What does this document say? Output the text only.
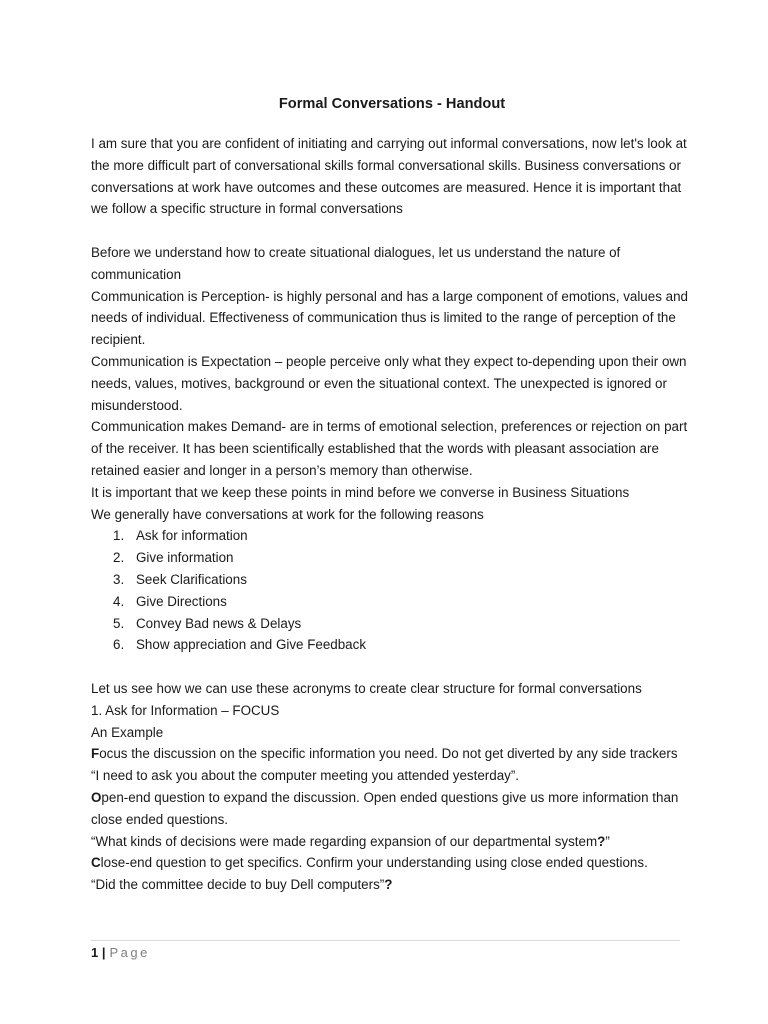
Formal Conversations - Handout

I am sure that you are confident of initiating and carrying out informal conversations, now let's look at the more difficult part of conversational skills formal conversational skills. Business conversations or conversations at work have outcomes and these outcomes are measured. Hence it is important that we follow a specific structure in formal conversations

Before we understand how to create situational dialogues, let us understand the nature of communication

Communication is Perception- is highly personal and has a large component of emotions, values and needs of individual. Effectiveness of communication thus is limited to the range of perception of the recipient.

Communication is Expectation – people perceive only what they expect to-depending upon their own needs, values, motives, background or even the situational context. The unexpected is ignored or misunderstood.

Communication makes Demand- are in terms of emotional selection, preferences or rejection on part of the receiver. It has been scientifically established that the words with pleasant association are retained easier and longer in a person’s memory than otherwise.

It is important that we keep these points in mind before we converse in Business Situations

We generally have conversations at work for the following reasons

1. Ask for information
2. Give information
3. Seek Clarifications
4. Give Directions
5. Convey Bad news & Delays
6. Show appreciation and Give Feedback

Let us see how we can use these acronyms to create clear structure for formal conversations

1. Ask for Information – FOCUS

An Example

Focus the discussion on the specific information you need. Do not get diverted by any side trackers

“I need to ask you about the computer meeting you attended yesterday”.

Open-end question to expand the discussion. Open ended questions give us more information than close ended questions.

“What kinds of decisions were made regarding expansion of our departmental system?”

Close-end question to get specifics. Confirm your understanding using close ended questions.

“Did the committee decide to buy Dell computers”?

1 | Page
